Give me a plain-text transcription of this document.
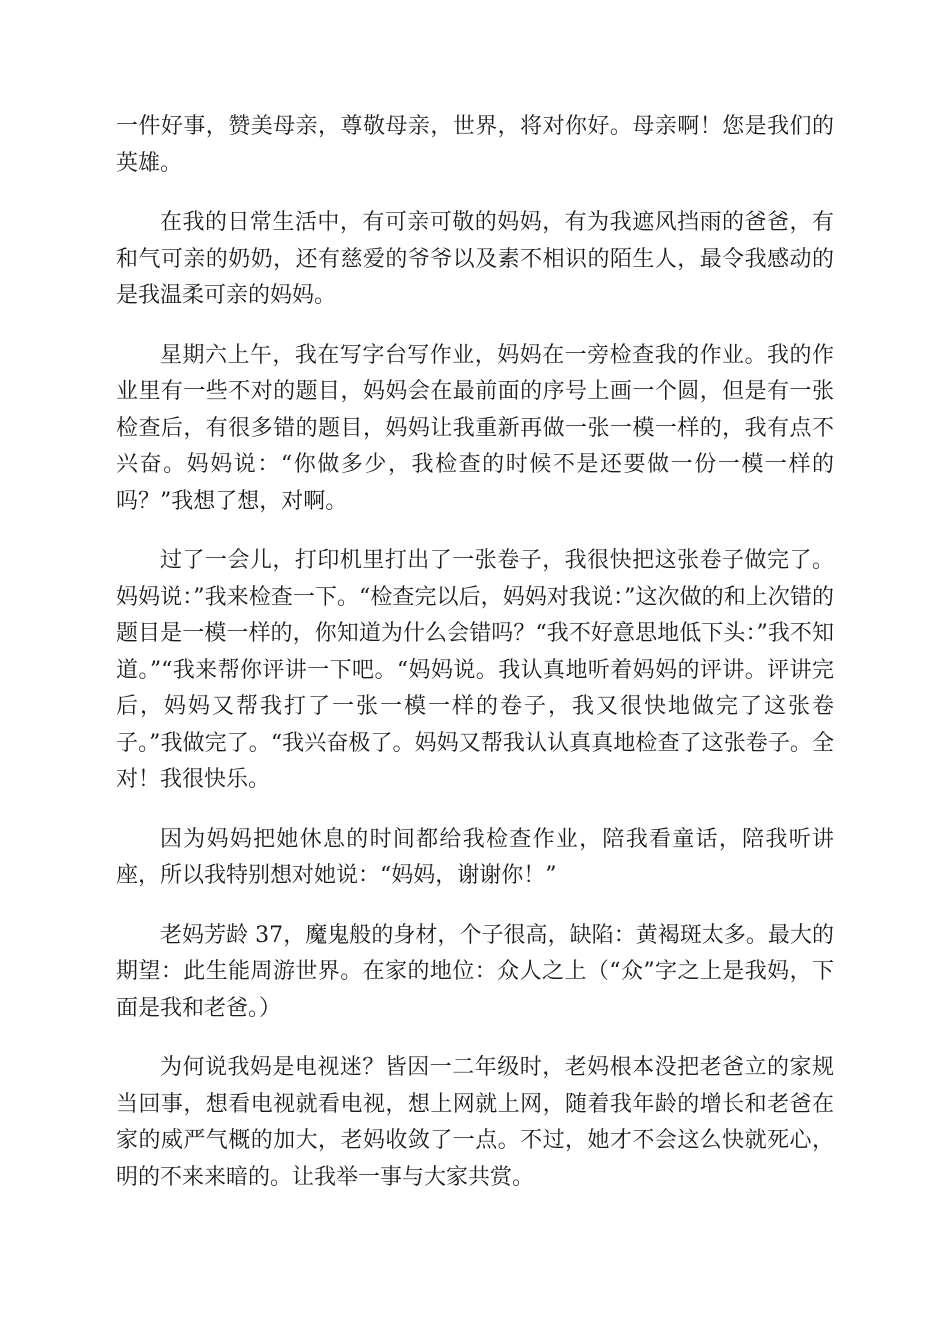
一件好事，赞美母亲，尊敬母亲，世界，将对你好。母亲啊！您是我们的英雄。

在我的日常生活中，有可亲可敬的妈妈，有为我遮风挡雨的爸爸，有和气可亲的奶奶，还有慈爱的爷爷以及素不相识的陌生人，最令我感动的是我温柔可亲的妈妈。

星期六上午，我在写字台写作业，妈妈在一旁检查我的作业。我的作业里有一些不对的题目，妈妈会在最前面的序号上画一个圆，但是有一张检查后，有很多错的题目，妈妈让我重新再做一张一模一样的，我有点不兴奋。妈妈说：“你做多少，我检查的时候不是还要做一份一模一样的吗？”我想了想，对啊。

过了一会儿，打印机里打出了一张卷子，我很快把这张卷子做完了。妈妈说：”我来检查一下。“检查完以后，妈妈对我说：”这次做的和上次错的题目是一模一样的，你知道为什么会错吗？“我不好意思地低下头：”我不知道。”“我来帮你评讲一下吧。“妈妈说。我认真地听着妈妈的评讲。评讲完后，妈妈又帮我打了一张一模一样的卷子，我又很快地做完了这张卷子。”我做完了。“我兴奋极了。妈妈又帮我认认真真地检查了这张卷子。全对！我很快乐。

因为妈妈把她休息的时间都给我检查作业，陪我看童话，陪我听讲座，所以我特别想对她说：“妈妈，谢谢你！”

老妈芳龄 37，魔鬼般的身材，个子很高，缺陷：黄褐斑太多。最大的期望：此生能周游世界。在家的地位：众人之上（“众”字之上是我妈，下面是我和老爸。）

为何说我妈是电视迷？皆因一二年级时，老妈根本没把老爸立的家规当回事，想看电视就看电视，想上网就上网，随着我年龄的增长和老爸在家的威严气概的加大，老妈收敛了一点。不过，她才不会这么快就死心，明的不来来暗的。让我举一事与大家共赏。
